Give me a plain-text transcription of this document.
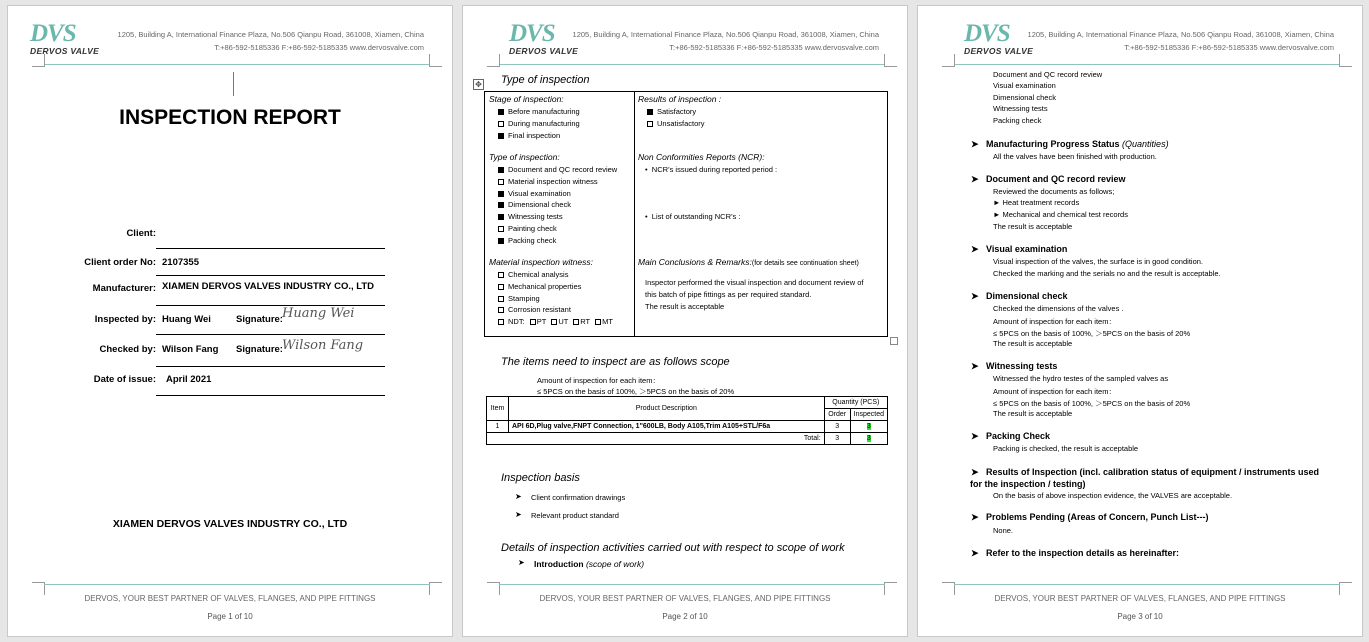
DVS
DERVOS VALVE
1205, Building A, International Finance Plaza, No.506 Qianpu Road, 361008, Xiamen, China
T:+86-592-5185336 F:+86-592-5185335 www.dervosvalve.com
INSPECTION REPORT
Client:
Client order No: 2107355
Manufacturer: XIAMEN DERVOS VALVES INDUSTRY CO., LTD
Inspected by: Huang Wei	Signature: Huang Wei
Checked by: Wilson Fang Signature: Wilson Fang
Date of issue: April 2021
XIAMEN DERVOS VALVES INDUSTRY CO., LTD
DERVOS, YOUR BEST PARTNER OF VALVES, FLANGES, AND PIPE FITTINGS
Page 1 of 10
DVS
DERVOS VALVE
1205, Building A, International Finance Plaza, No.506 Qianpu Road, 361008, Xiamen, China
T:+86-592-5185336 F:+86-592-5185335 www.dervosvalve.com
✥ Type of inspection
Stage of inspection:
Before manufacturing
During manufacturing
Final inspection
Type of inspection:
Document and QC record review
Material inspection witness
Visual examination
Dimensional check
Witnessing tests
Painting check
Packing check
Material inspection witness:
Chemical analysis
Mechanical properties
Stamping
Corrosion resistant
NDT: PT UT RT MT
Results of inspection :
Satisfactory
Unsatisfactory
Non Conformities Reports (NCR):
•  NCR’s issued during reported period :
•  List of outstanding NCR’s :
Main Conclusions & Remarks:(for details see continuation sheet)
Inspector performed the visual inspection and document review of
this batch of pipe fittings as per required standard.
The result is acceptable
The items need to inspect are as follows scope
Amount of inspection for each item：
≤ 5PCS on the basis of 100%, ＞5PCS on the basis of 20%
Item	Product Description	Quantity (PCS)	
		Order	Inspected
1	API 6D,Plug valve,FNPT Connection, 1"600LB, Body A105,Trim A105+STL/F6a	3	3
Total:		3	3
Inspection basis
➤ Client confirmation drawings
➤ Relevant product standard
Details of inspection activities carried out with respect to scope of work
➤ Introduction (scope of work)
DERVOS, YOUR BEST PARTNER OF VALVES, FLANGES, AND PIPE FITTINGS
Page 2 of 10
DVS
DERVOS VALVE
1205, Building A, International Finance Plaza, No.506 Qianpu Road, 361008, Xiamen, China
T:+86-592-5185336 F:+86-592-5185335 www.dervosvalve.com
Document and QC record review
Visual examination
Dimensional check
Witnessing tests
Packing check
➤ Manufacturing Progress Status (Quantities)
All the valves have been finished with production.
➤ Document and QC record review
Reviewed the documents as follows;
► Heat treatment records
► Mechanical and chemical test records
The result is acceptable
➤ Visual examination
Visual inspection of the valves, the surface is in good condition.
Checked the marking and the serials no and the result is acceptable.
➤ Dimensional check
Checked the dimensions of the valves .
Amount of inspection for each item：
≤ 5PCS on the basis of 100%, ＞5PCS on the basis of 20%
The result is acceptable
➤ Witnessing tests
Witnessed the hydro testes of the sampled valves as
Amount of inspection for each item：
≤ 5PCS on the basis of 100%, ＞5PCS on the basis of 20%
The result is acceptable
➤ Packing Check
Packing is checked, the result is acceptable
➤ Results of Inspection (incl. calibration status of equipment / instruments used
for the inspection / testing)
On the basis of above inspection evidence, the VALVES are acceptable.
➤ Problems Pending (Areas of Concern, Punch List---)
None.
➤ Refer to the inspection details as hereinafter:
DERVOS, YOUR BEST PARTNER OF VALVES, FLANGES, AND PIPE FITTINGS
Page 3 of 10
